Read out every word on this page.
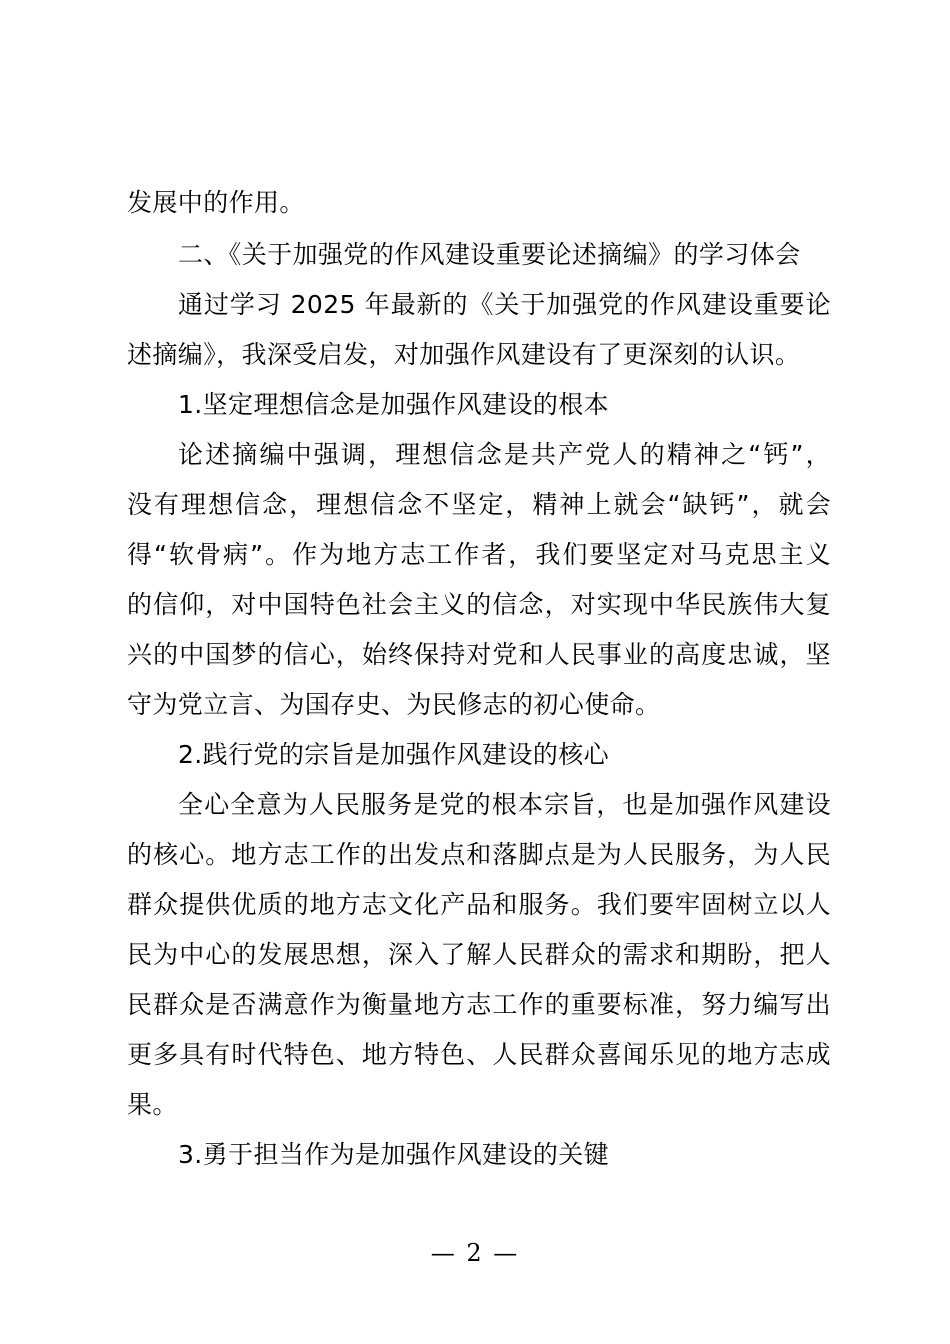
发展中的作用。
二、《关于加强党的作风建设重要论述摘编》的学习体会
通过学习 2025 年最新的《关于加强党的作风建设重要论
述摘编》，我深受启发，对加强作风建设有了更深刻的认识。
1.坚定理想信念是加强作风建设的根本
论述摘编中强调，理想信念是共产党人的精神之“钙”，
没有理想信念，理想信念不坚定，精神上就会“缺钙”，就会
得“软骨病”。作为地方志工作者，我们要坚定对马克思主义
的信仰，对中国特色社会主义的信念，对实现中华民族伟大复
兴的中国梦的信心，始终保持对党和人民事业的高度忠诚，坚
守为党立言、为国存史、为民修志的初心使命。
2.践行党的宗旨是加强作风建设的核心
全心全意为人民服务是党的根本宗旨，也是加强作风建设
的核心。地方志工作的出发点和落脚点是为人民服务，为人民
群众提供优质的地方志文化产品和服务。我们要牢固树立以人
民为中心的发展思想，深入了解人民群众的需求和期盼，把人
民群众是否满意作为衡量地方志工作的重要标准，努力编写出
更多具有时代特色、地方特色、人民群众喜闻乐见的地方志成
果。
3.勇于担当作为是加强作风建设的关键
— 2 —
